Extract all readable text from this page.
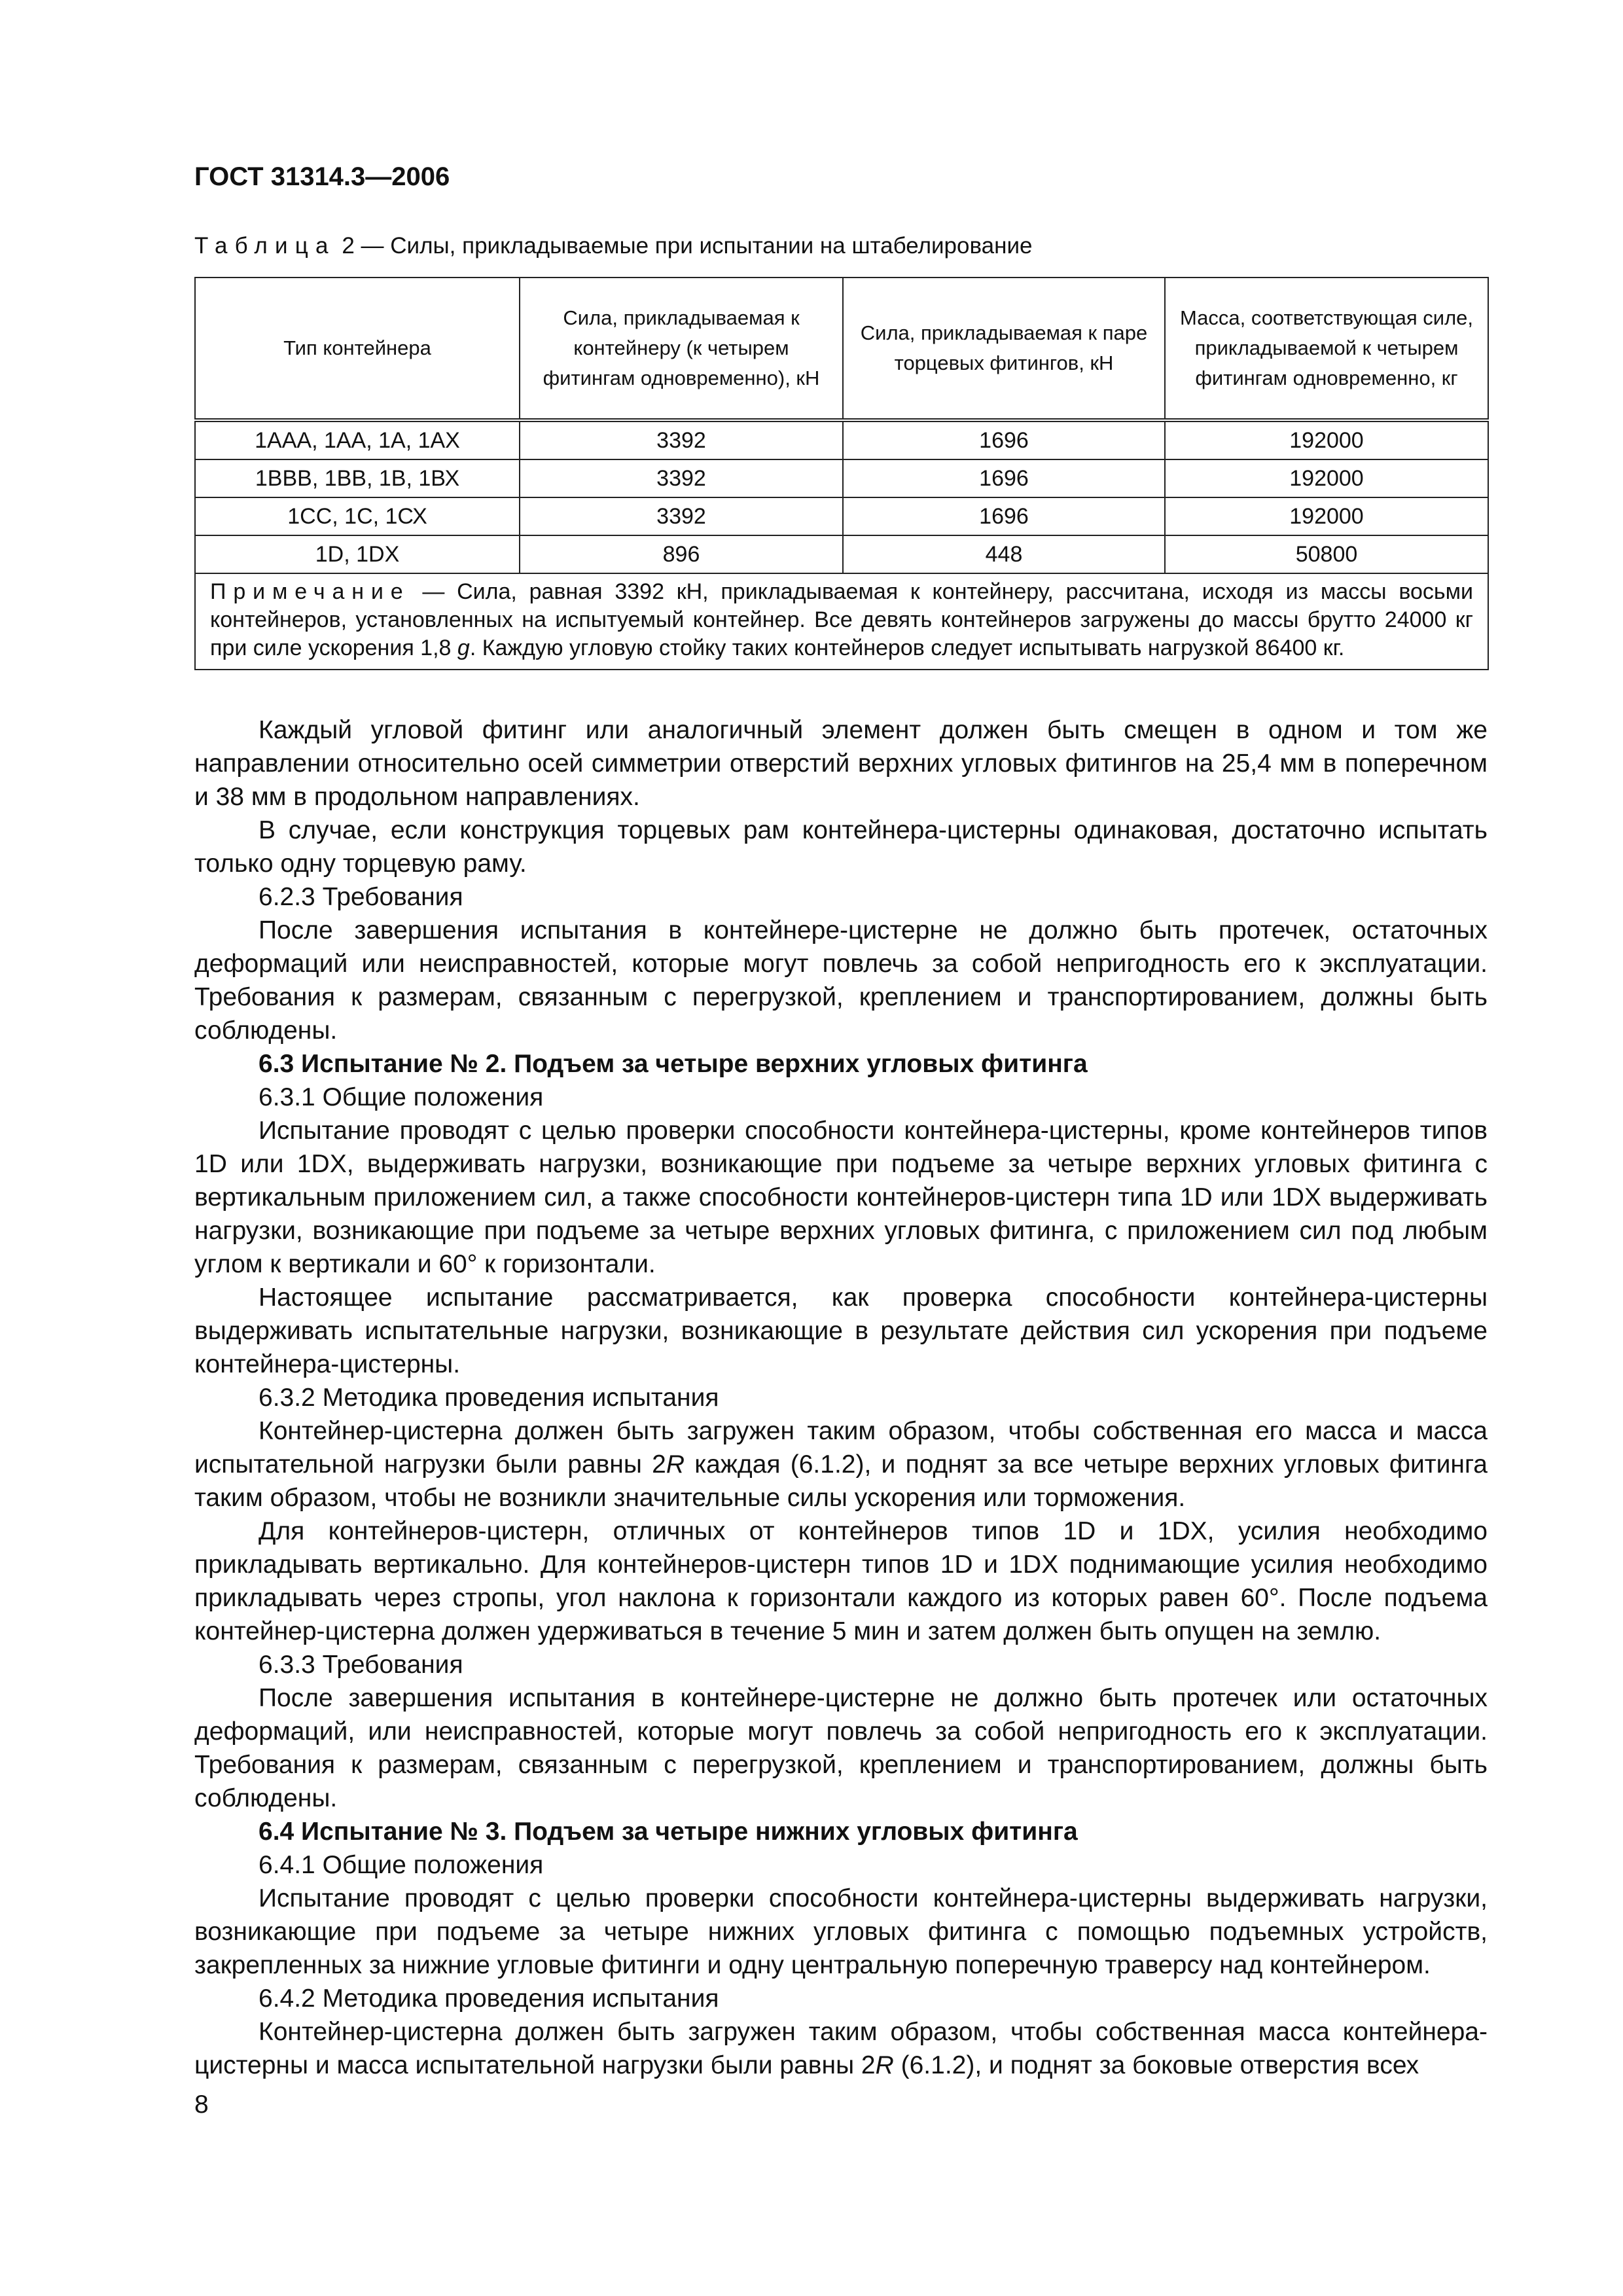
ГОСТ 31314.3—2006
Таблица 2 — Силы, прикладываемые при испытании на штабелирование
Тип контейнера	Сила, прикладываемая к контейнеру (к четырем фитингам одновременно), кН	Сила, прикладываемая к паре торцевых фитингов, кН	Масса, соответствующая силе, прикладываемой к четырем фитингам одновременно, кг
1ААА, 1АА, 1А, 1АХ	3392	1696	192000
1ВВВ, 1ВВ, 1В, 1ВХ	3392	1696	192000
1СС, 1С, 1СХ	3392	1696	192000
1D, 1DX	896	448	50800
Примечание — Сила, равная 3392 кН, прикладываемая к контейнеру, рассчитана, исходя из массы восьми контейнеров, установленных на испытуемый контейнер. Все девять контейнеров загружены до массы брутто 24000 кг при силе ускорения 1,8 g. Каждую угловую стойку таких контейнеров следует испытывать нагрузкой 86400 кг.			

Каждый угловой фитинг или аналогичный элемент должен быть смещен в одном и том же направлении относительно осей симметрии отверстий верхних угловых фитингов на 25,4 мм в поперечном и 38 мм в продольном направлениях.

В случае, если конструкция торцевых рам контейнера-цистерны одинаковая, достаточно испытать только одну торцевую раму.

6.2.3 Требования

После завершения испытания в контейнере-цистерне не должно быть протечек, остаточных деформаций или неисправностей, которые могут повлечь за собой непригодность его к эксплуатации. Требования к размерам, связанным с перегрузкой, креплением и транспортированием, должны быть соблюдены.

6.3 Испытание № 2. Подъем за четыре верхних угловых фитинга

6.3.1 Общие положения

Испытание проводят с целью проверки способности контейнера-цистерны, кроме контейнеров типов 1D или 1DX, выдерживать нагрузки, возникающие при подъеме за четыре верхних угловых фитинга с вертикальным приложением сил, а также способности контейнеров-цистерн типа 1D или 1DX выдерживать нагрузки, возникающие при подъеме за четыре верхних угловых фитинга, с приложением сил под любым углом к вертикали и 60° к горизонтали.

Настоящее испытание рассматривается, как проверка способности контейнера-цистерны выдерживать испытательные нагрузки, возникающие в результате действия сил ускорения при подъеме контейнера-цистерны.

6.3.2 Методика проведения испытания

Контейнер-цистерна должен быть загружен таким образом, чтобы собственная его масса и масса испытательной нагрузки были равны 2R каждая (6.1.2), и поднят за все четыре верхних угловых фитинга таким образом, чтобы не возникли значительные силы ускорения или торможения.

Для контейнеров-цистерн, отличных от контейнеров типов 1D и 1DX, усилия необходимо прикладывать вертикально. Для контейнеров-цистерн типов 1D и 1DX поднимающие усилия необходимо прикладывать через стропы, угол наклона к горизонтали каждого из которых равен 60°. После подъема контейнер-цистерна должен удерживаться в течение 5 мин и затем должен быть опущен на землю.

6.3.3 Требования

После завершения испытания в контейнере-цистерне не должно быть протечек или остаточных деформаций, или неисправностей, которые могут повлечь за собой непригодность его к эксплуатации. Требования к размерам, связанным с перегрузкой, креплением и транспортированием, должны быть соблюдены.

6.4 Испытание № 3. Подъем за четыре нижних угловых фитинга

6.4.1 Общие положения

Испытание проводят с целью проверки способности контейнера-цистерны выдерживать нагрузки, возникающие при подъеме за четыре нижних угловых фитинга с помощью подъемных устройств, закрепленных за нижние угловые фитинги и одну центральную поперечную траверсу над контейнером.

6.4.2 Методика проведения испытания

Контейнер-цистерна должен быть загружен таким образом, чтобы собственная масса контейнера-цистерны и масса испытательной нагрузки были равны 2R (6.1.2), и поднят за боковые отверстия всех

8
